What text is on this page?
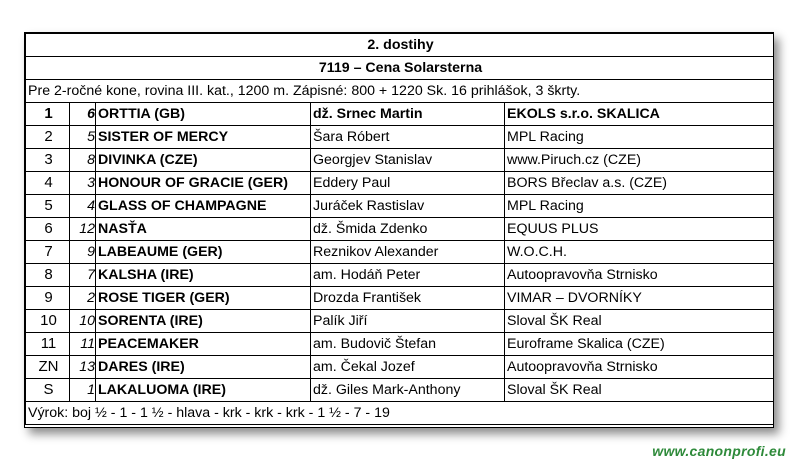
2. dostihy				
7119 – Cena Solarsterna				
Pre 2-ročné kone, rovina III. kat., 1200 m. Zápisné: 800 + 1220 Sk. 16 prihlášok, 3 škrty.				
1	6	ORTTIA (GB)	dž. Srnec Martin	EKOLS s.r.o. SKALICA
2	5	SISTER OF MERCY	Šara Róbert	MPL Racing
3	8	DIVINKA (CZE)	Georgjev Stanislav	www.Piruch.cz (CZE)
4	3	HONOUR OF GRACIE (GER)	Eddery Paul	BORS Břeclav a.s. (CZE)
5	4	GLASS OF CHAMPAGNE	Juráček Rastislav	MPL Racing
6	12	NASŤA	dž. Šmida Zdenko	EQUUS PLUS
7	9	LABEAUME (GER)	Reznikov Alexander	W.O.C.H.
8	7	KALSHA (IRE)	am. Hodáň Peter	Autoopravovňa Strnisko
9	2	ROSE TIGER (GER)	Drozda František	VIMAR – DVORNÍKY
10	10	SORENTA (IRE)	Palík Jiří	Sloval ŠK Real
11	11	PEACEMAKER	am. Budovič Štefan	Euroframe Skalica (CZE)
ZN	13	DARES (IRE)	am. Čekal Jozef	Autoopravovňa Strnisko
S	1	LAKALUOMA (IRE)	dž. Giles Mark-Anthony	Sloval ŠK Real
Výrok: boj ½ - 1 - 1 ½ - hlava - krk - krk - krk - 1 ½ - 7 - 19				
www.canonprofi.eu
